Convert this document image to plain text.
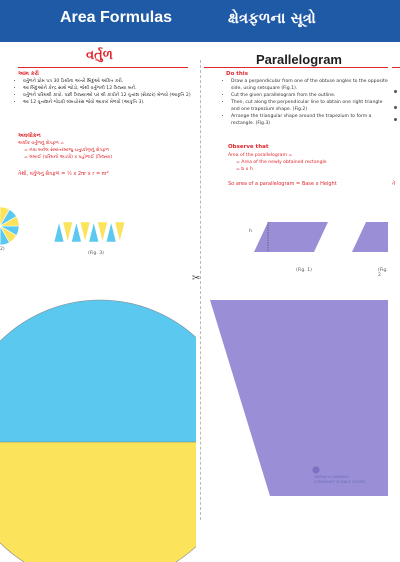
Area Formulas	ક્ષેત્રફળના સૂત્રો
વર્તુળ
આમ કરો
• વર્તુળને પ્રોમ પત્ર 30 ડિગ્રીના અંતરે બિંદુઓ અંકિત કરો.
• આ બિંદુઓને કેન્દ્ર સાથે જોડો, જેથી વર્તુળની 12 ત્રિજ્યા બને.
• વર્તુળને પરિઘથી કાપો. પછી ત્રિજ્યાઓ પર થી કાપીને 12 વૃત્તાંશ (સેક્ટર) મેળવો (આકૃતિ 2)
• આ 12 વૃત્તાંશને ગોઠવી લંબચોરસ જેવો આકાર મેળવો (આકૃતિ 3).
અવલોકન
અર્ધાક વર્તુળનું ક્ષેત્રફળ =
= નવા બનેલ સમાંતરબાજુ ચતુષ્કોણનું ક્ષેત્રફળ
= લંબાઈ (પરિઘનો અડધો) x પહોળાઈ (ત્રિજ્યા)
તેથી, વર્તુળનું ક્ષેત્રફળ = ½ x 2πr x r = πr²
2)
(Fig. 3)
✂
Parallelogram
Do this
• Draw a perpendicular from one of the obtuse angles to the opposite side, using setsquare (Fig.1).
• Cut the given parallelogram from the outline.
• Then, cut along the perpendicular line to obtain one right triangle and one trapezium shape. (Fig.2)
• Arrange the triangular shape around the trapezium to form a rectangle. (Fig.3)
Observe that
Area of the parallelogram =
= Area of the newly obtained rectangle
= b x h
So area of a parallelogram = Base x Height
h
(Fig. 1)	(Fig. 2
VIKRAM A SARABHAI
COMMUNITY SCIENCE CENTRE
તે
